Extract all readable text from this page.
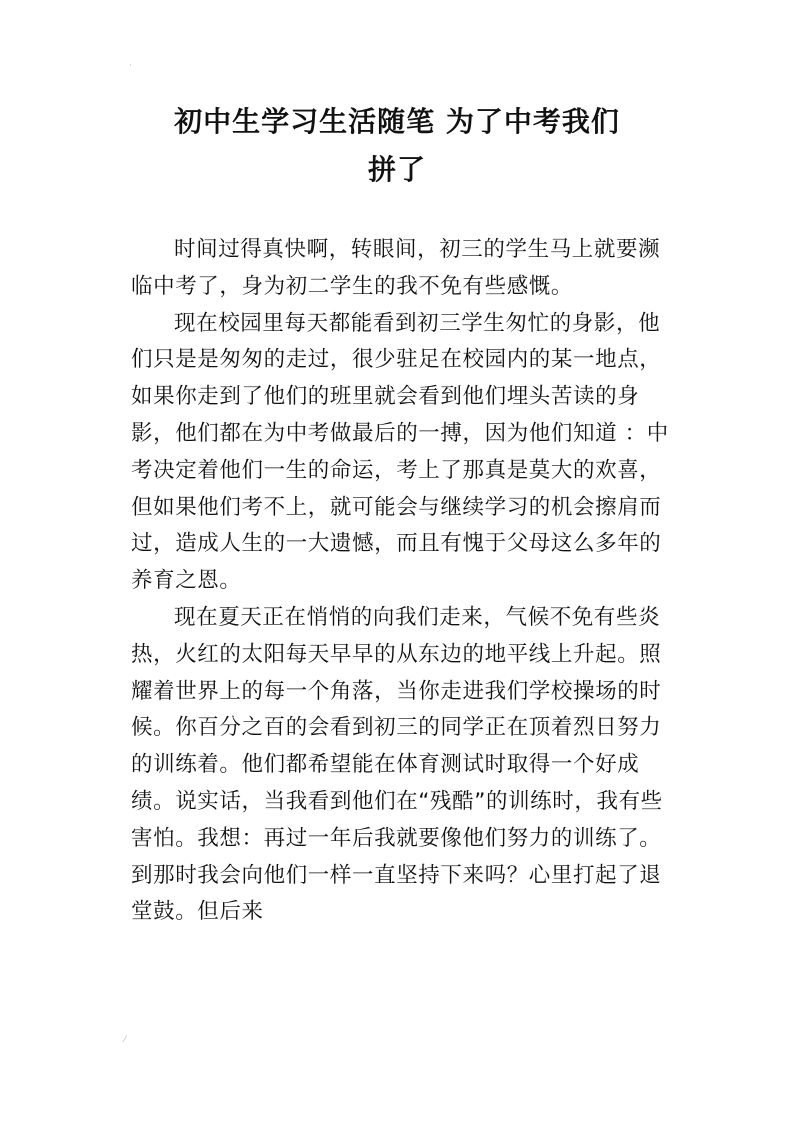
·
初中生学习生活随笔 为了中考我们
拼了

时间过得真快啊，转眼间，初三的学生马上就要濒临中考了，身为初二学生的我不免有些感慨。

现在校园里每天都能看到初三学生匆忙的身影，他们只是是匆匆的走过，很少驻足在校园内的某一地点，如果你走到了他们的班里就会看到他们埋头苦读的身影，他们都在为中考做最后的一搏，因为他们知道 ：中考决定着他们一生的命运，考上了那真是莫大的欢喜，但如果他们考不上，就可能会与继续学习的机会擦肩而过，造成人生的一大遗憾，而且有愧于父母这么多年的养育之恩。

现在夏天正在悄悄的向我们走来，气候不免有些炎热，火红的太阳每天早早的从东边的地平线上升起。照耀着世界上的每一个角落，当你走进我们学校操场的时候。你百分之百的会看到初三的同学正在顶着烈日努力的训练着。他们都希望能在体育测试时取得一个好成绩。说实话，当我看到他们在“残酷”的训练时，我有些害怕。我想：再过一年后我就要像他们努力的训练了。到那时我会向他们一样一直坚持下来吗？心里打起了退堂鼓。但后来

⁄
